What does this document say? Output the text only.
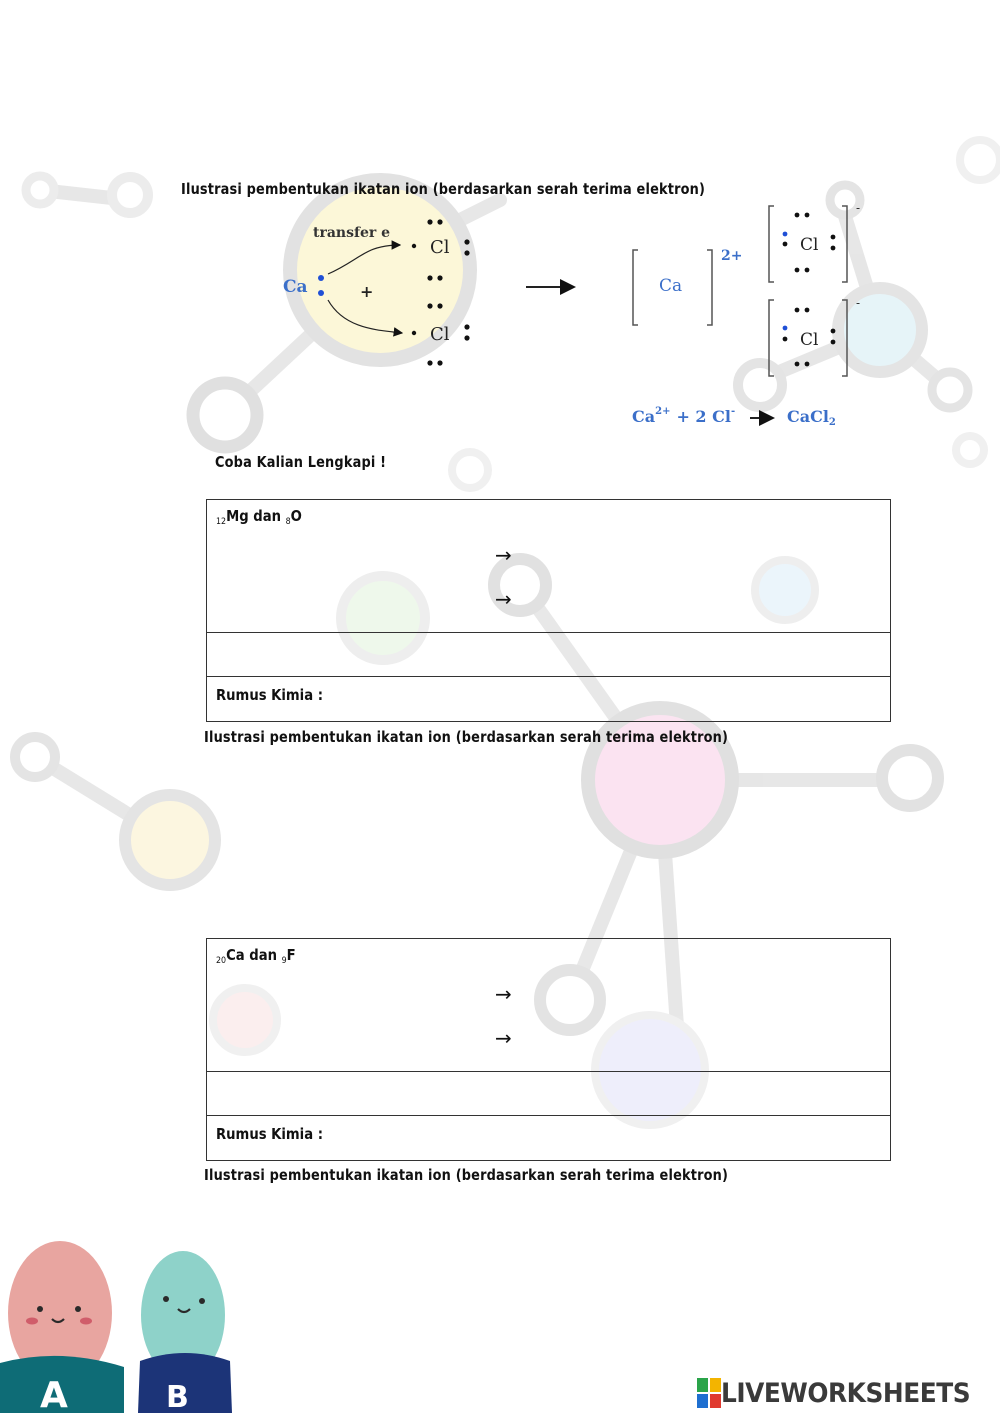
Ilustrasi pembentukan ikatan ion (berdasarkan serah terima elektron)
transfer e
Ca	+
Cl
Cl
Ca
2+
Cl
-
Cl
-
$Ca^{2+} + 2$ Cl-	CaCl2
Coba Kalian Lengkapi !
$_{12}$Mg dan $_8$O
→
→
Rumus Kimia :
Ilustrasi pembentukan ikatan ion (berdasarkan serah terima elektron)
$_{20}$Ca dan $_9$F
→
→
Rumus Kimia :
Ilustrasi pembentukan ikatan ion (berdasarkan serah terima elektron)
A	B	LIVEWORKSHEETS
